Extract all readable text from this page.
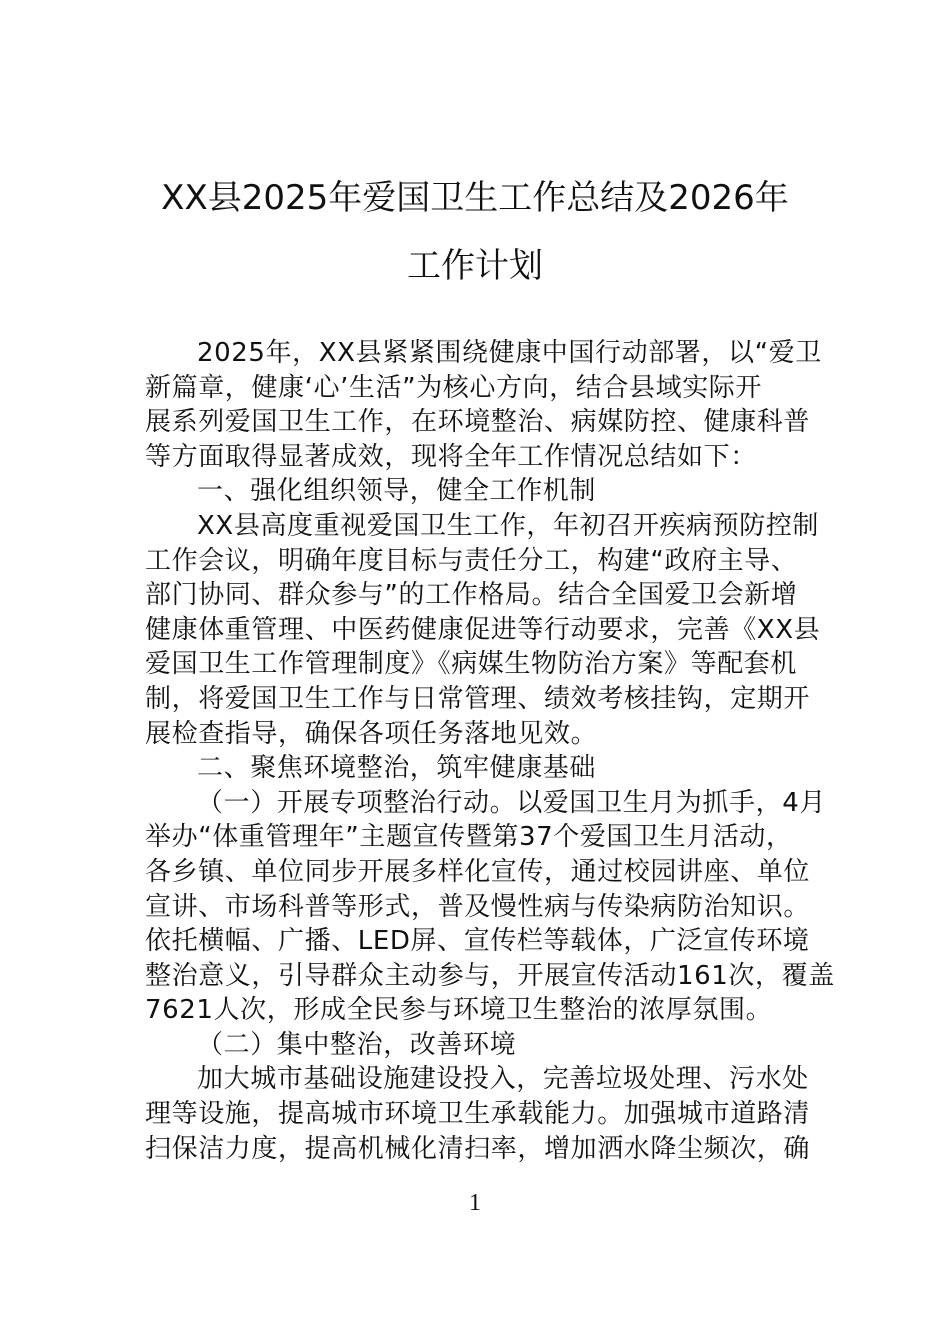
XX县2025年爱国卫生工作总结及2026年
工作计划
2025年，XX县紧紧围绕健康中国行动部署，以“爱卫
新篇章，健康‘心’生活”为核心方向，结合县域实际开
展系列爱国卫生工作，在环境整治、病媒防控、健康科普
等方面取得显著成效，现将全年工作情况总结如下：
一、强化组织领导，健全工作机制
XX县高度重视爱国卫生工作，年初召开疾病预防控制
工作会议，明确年度目标与责任分工，构建“政府主导、
部门协同、群众参与”的工作格局。结合全国爱卫会新增
健康体重管理、中医药健康促进等行动要求，完善《XX县
爱国卫生工作管理制度》《病媒生物防治方案》等配套机
制，将爱国卫生工作与日常管理、绩效考核挂钩，定期开
展检查指导，确保各项任务落地见效。
二、聚焦环境整治，筑牢健康基础
（一）开展专项整治行动。以爱国卫生月为抓手，4月
举办“体重管理年”主题宣传暨第37个爱国卫生月活动，
各乡镇、单位同步开展多样化宣传，通过校园讲座、单位
宣讲、市场科普等形式，普及慢性病与传染病防治知识。
依托横幅、广播、LED屏、宣传栏等载体，广泛宣传环境
整治意义，引导群众主动参与，开展宣传活动161次，覆盖
7621人次，形成全民参与环境卫生整治的浓厚氛围。
（二）集中整治，改善环境
加大城市基础设施建设投入，完善垃圾处理、污水处
理等设施，提高城市环境卫生承载能力。加强城市道路清
扫保洁力度，提高机械化清扫率，增加洒水降尘频次，确
1
